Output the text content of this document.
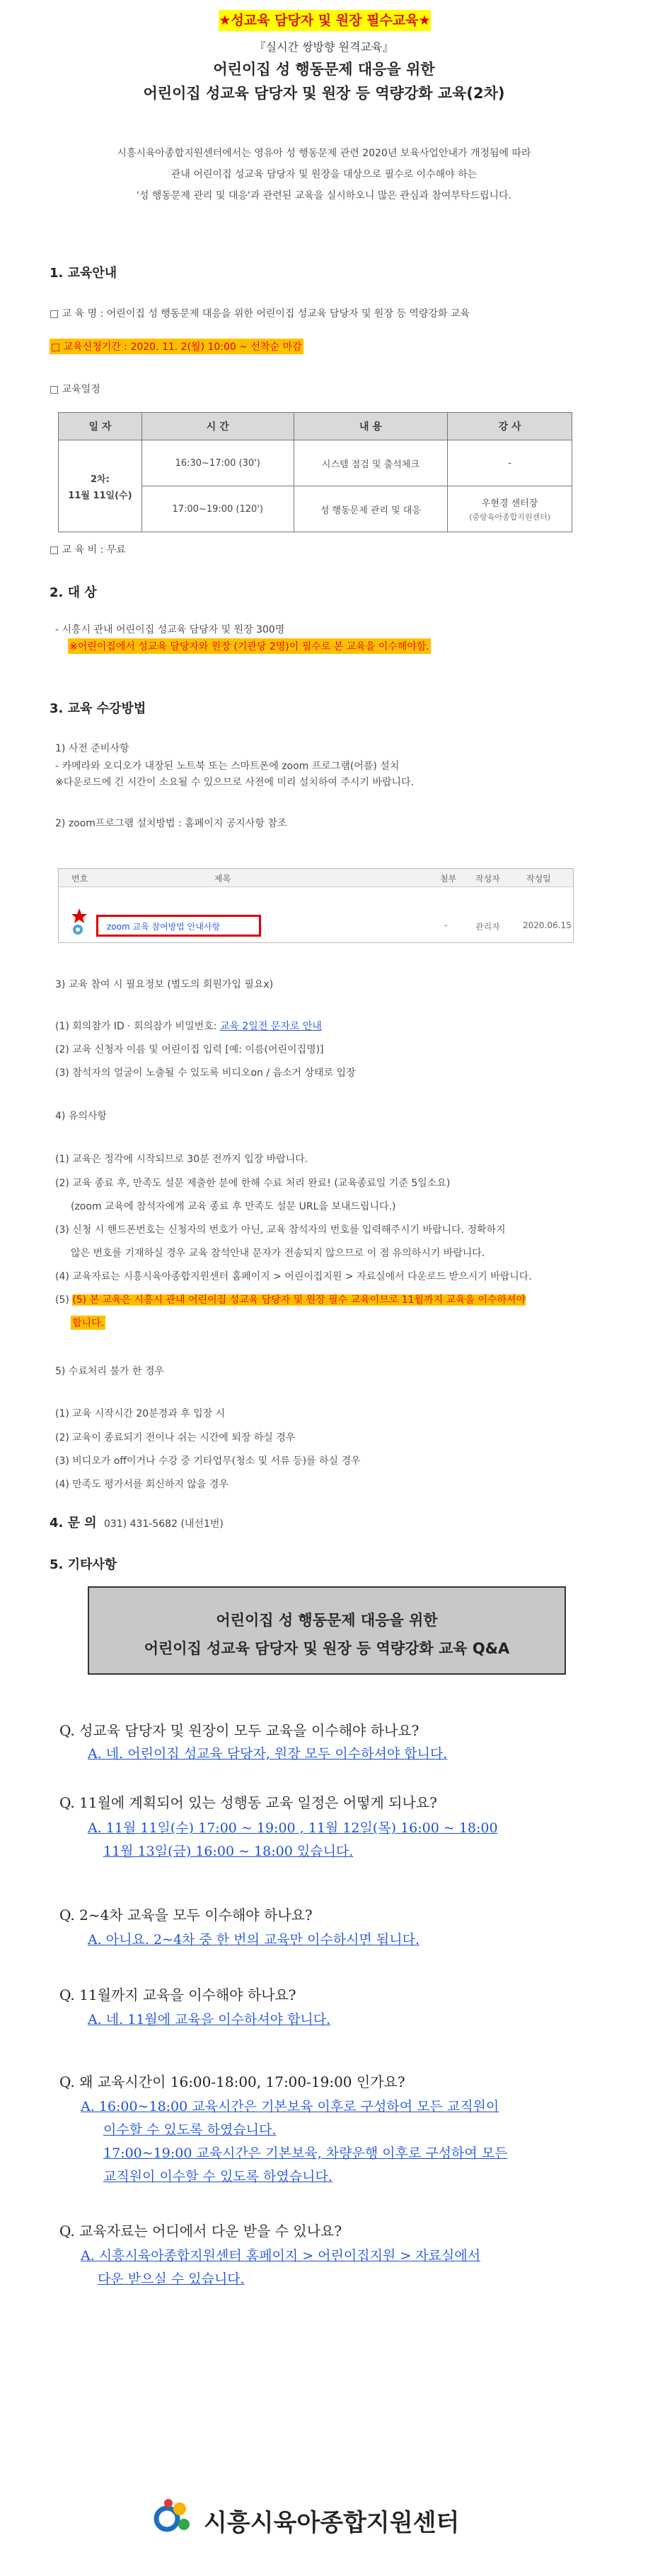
★성교육 담당자 및 원장 필수교육★
『실시간 쌍방향 원격교육』
어린이집 성 행동문제 대응을 위한
어린이집 성교육 담당자 및 원장 등 역량강화 교육(2차)
시흥시육아종합지원센터에서는 영유아 성 행동문제 관련 2020년 보육사업안내가 개정됨에 따라
관내 어린이집 성교육 담당자 및 원장을 대상으로 필수로 이수해야 하는
'성 행동문제 관리 및 대응'과 관련된 교육을 실시하오니 많은 관심과 참여부탁드립니다.
1. 교육안내
□ 교 육 명 : 어린이집 성 행동문제 대응을 위한 어린이집 성교육 담당자 및 원장 등 역량강화 교육
□ 교육신청기간 : 2020. 11. 2(월) 10:00 ~ 선착순 마감
□ 교육일정
일 자	시 간	내 용	강 사

2차:
11월 11일(수)	16:30~17:00 (30')	시스템 점검 및 출석체크	-
	17:00~19:00 (120')	성 행동문제 관리 및 대응	우현경 센터장
(중랑육아종합지원센터)
□ 교 육 비 : 무료
2. 대 상
- 시흥시 관내 어린이집 성교육 담당자 및 원장 300명
※어린이집에서 성교육 담당자와 원장 (기관당 2명)이 필수로 본 교육을 이수해야함.
3. 교육 수강방법
1) 사전 준비사항
- 카메라와 오디오가 내장된 노트북 또는 스마트폰에 zoom 프로그램(어플) 설치
※다운로드에 긴 시간이 소요될 수 있으므로 사전에 미리 설치하여 주시기 바랍니다.
2) zoom프로그램 설치방법 : 홈페이지 공지사항 참조
번호	제목	첨부 작성자	작성일
zoom 교육 참여방법 안내사항	-	관리자	2020.06.15
3) 교육 참여 시 필요정보 (별도의 회원가입 필요x)
(1) 회의참가 ID · 회의참가 비밀번호: 교육 2일전 문자로 안내
(2) 교육 신청자 이름 및 어린이집 입력 [예: 이름(어린이집명)]
(3) 참석자의 얼굴이 노출될 수 있도록 비디오on / 음소거 상태로 입장
4) 유의사항
(1) 교육은 정각에 시작되므로 30분 전까지 입장 바랍니다.
(2) 교육 종료 후, 만족도 설문 제출한 분에 한해 수료 처리 완료! (교육종료일 기준 5일소요)
(zoom 교육에 참석자에게 교육 종료 후 만족도 설문 URL을 보내드립니다.)
(3) 신청 시 핸드폰번호는 신청자의 번호가 아닌, 교육 참석자의 번호를 입력해주시기 바랍니다. 정확하지
않은 번호를 기재하실 경우 교육 참석안내 문자가 전송되지 않으므로 이 점 유의하시기 바랍니다.
(4) 교육자료는 시흥시육아종합지원센터 홈페이지 > 어린이집지원 > 자료실에서 다운로드 받으시기 바랍니다.
(5) (5) 본 교육은 시흥시 관내 어린이집 성교육 담당자 및 원장 필수 교육이므로 11월까지 교육을 이수하셔야
합니다.
5) 수료처리 불가 한 경우
(1) 교육 시작시간 20분경과 후 입장 시
(2) 교육이 종료되기 전이나 쉬는 시간에 퇴장 하실 경우
(3) 비디오가 off이거나 수강 중 기타업무(청소 및 서류 등)를 하실 경우
(4) 만족도 평가서를 회신하지 않을 경우
4. 문 의 031) 431-5682 (내선1번)
5. 기타사항
어린이집 성 행동문제 대응을 위한
어린이집 성교육 담당자 및 원장 등 역량강화 교육 Q&A
Q. 성교육 담당자 및 원장이 모두 교육을 이수해야 하나요?
A. 네. 어린이집 성교육 담당자, 원장 모두 이수하셔야 합니다.
Q. 11월에 계획되어 있는 성행동 교육 일정은 어떻게 되나요?
A. 11월 11일(수) 17:00 ~ 19:00 , 11월 12일(목) 16:00 ~ 18:00
11월 13일(금) 16:00 ~ 18:00 있습니다.
Q. 2~4차 교육을 모두 이수해야 하나요?
A. 아니요. 2~4차 중 한 번의 교육만 이수하시면 됩니다.
Q. 11월까지 교육을 이수해야 하나요?
A. 네. 11월에 교육을 이수하셔야 합니다.
Q. 왜 교육시간이 16:00-18:00, 17:00-19:00 인가요?
A. 16:00~18:00 교육시간은 기본보육 이후로 구성하여 모든 교직원이
이수할 수 있도록 하였습니다.
17:00~19:00 교육시간은 기본보육, 차량운행 이후로 구성하여 모든
교직원이 이수할 수 있도록 하였습니다.
Q. 교육자료는 어디에서 다운 받을 수 있나요?
A. 시흥시육아종합지원센터 홈페이지 > 어린이집지원 > 자료실에서
다운 받으실 수 있습니다.
시흥시육아종합지원센터
